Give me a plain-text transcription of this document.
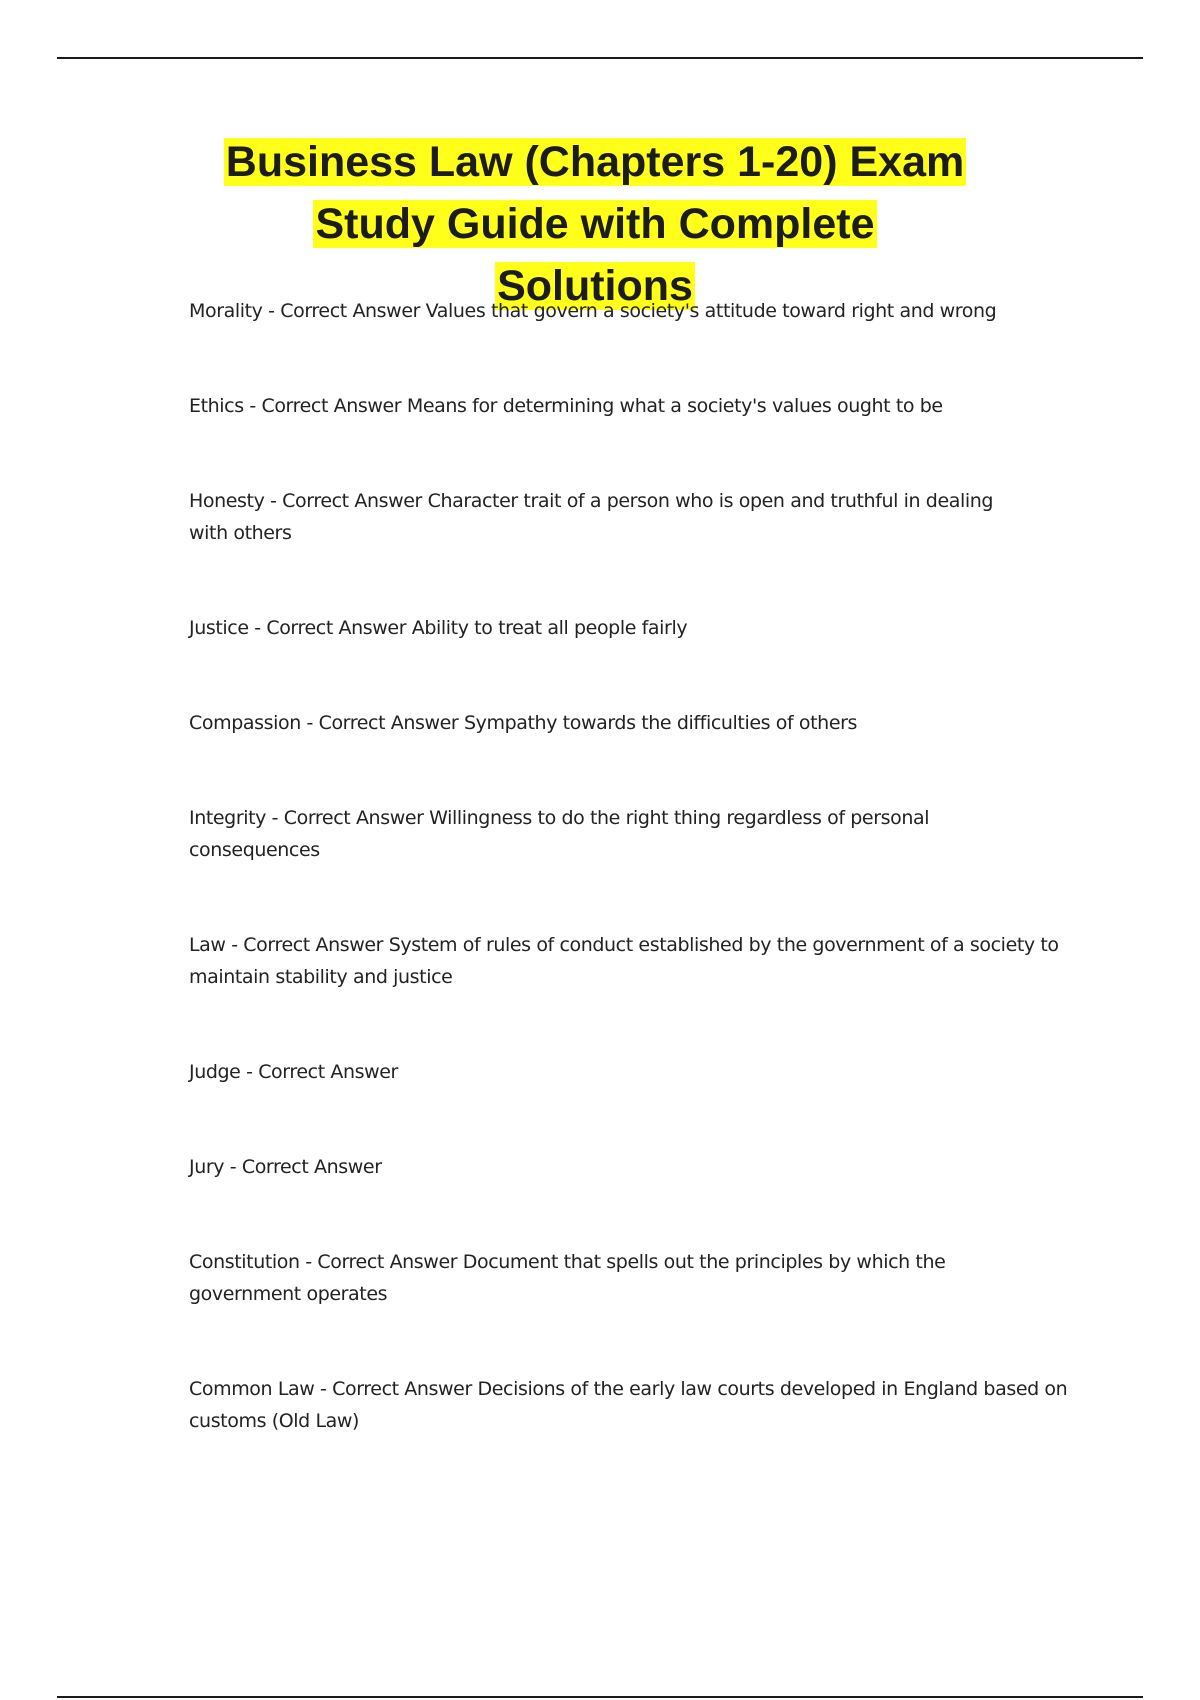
Business Law (Chapters 1-20) Exam
Study Guide with Complete
Solutions

Morality - Correct Answer Values that govern a society's attitude toward right and wrong

Ethics - Correct Answer Means for determining what a society's values ought to be

Honesty - Correct Answer Character trait of a person who is open and truthful in dealing with others

Justice - Correct Answer Ability to treat all people fairly

Compassion - Correct Answer Sympathy towards the difficulties of others

Integrity - Correct Answer Willingness to do the right thing regardless of personal consequences

Law - Correct Answer System of rules of conduct established by the government of a society to maintain stability and justice

Judge - Correct Answer

Jury - Correct Answer

Constitution - Correct Answer Document that spells out the principles by which the government operates

Common Law - Correct Answer Decisions of the early law courts developed in England based on customs (Old Law)
